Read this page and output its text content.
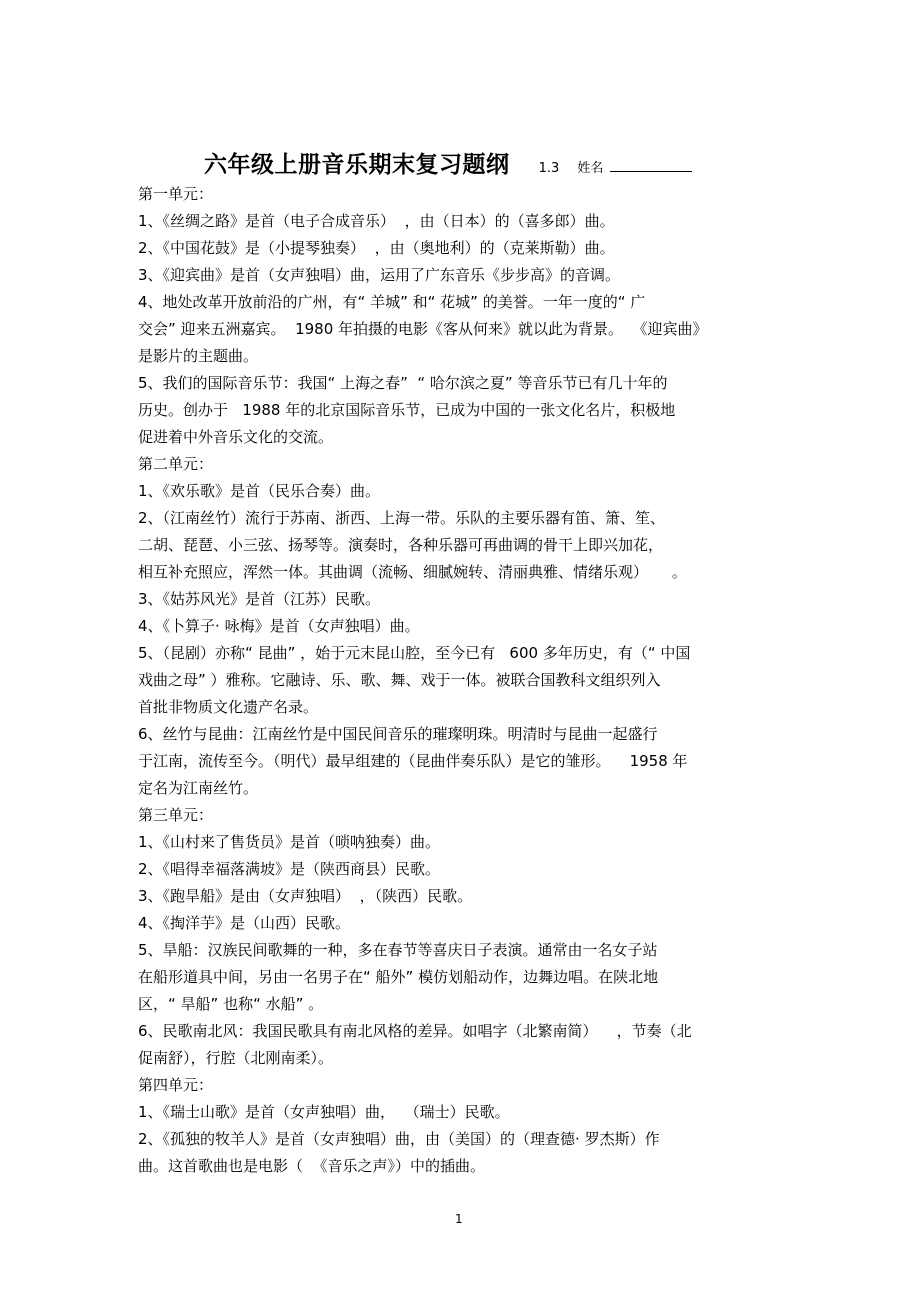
六年级上册音乐期末复习题纲 1.3 姓名
第一单元：
1、《丝绸之路》是首（电子合成音乐）  ，由（日本）的（喜多郎）曲。
2、《中国花鼓》是（小提琴独奏）  ，由（奥地利）的（克莱斯勒）曲。
3、《迎宾曲》是首（女声独唱）曲，运用了广东音乐《步步高》的音调。
4、地处改革开放前沿的广州，有“ 羊城” 和“ 花城” 的美誉。一年一度的“ 广
交会” 迎来五洲嘉宾。  1980 年拍摄的电影《客从何来》就以此为背景。  《迎宾曲》
是影片的主题曲。
5、我们的国际音乐节：我国“ 上海之春”  “ 哈尔滨之夏” 等音乐节已有几十年的
历史。创办于   1988 年的北京国际音乐节，已成为中国的一张文化名片，积极地
促进着中外音乐文化的交流。
第二单元：
1、《欢乐歌》是首（民乐合奏）曲。
2、（江南丝竹）流行于苏南、浙西、上海一带。乐队的主要乐器有笛、箫、笙、
二胡、琵琶、小三弦、扬琴等。演奏时，各种乐器可再曲调的骨干上即兴加花，
相互补充照应，浑然一体。其曲调（流畅、细腻婉转、清丽典雅、情绪乐观）     。
3、《姑苏风光》是首（江苏）民歌。
4、《卜算子· 咏梅》是首（女声独唱）曲。
5、（昆剧）亦称“ 昆曲” ，始于元末昆山腔，至今已有   600 多年历史，有（“ 中国
戏曲之母” ）雅称。它融诗、乐、歌、舞、戏于一体。被联合国教科文组织列入
首批非物质文化遗产名录。
6、丝竹与昆曲：江南丝竹是中国民间音乐的璀璨明珠。明清时与昆曲一起盛行
于江南，流传至今。（明代）最早组建的（昆曲伴奏乐队）是它的雏形。    1958 年
定名为江南丝竹。
第三单元：
1、《山村来了售货员》是首（唢呐独奏）曲。
2、《唱得幸福落满坡》是（陕西商县）民歌。
3、《跑旱船》是由（女声独唱）  ，（陕西）民歌。
4、《掏洋芋》是（山西）民歌。
5、旱船：汉族民间歌舞的一种，多在春节等喜庆日子表演。通常由一名女子站
在船形道具中间，另由一名男子在“ 船外” 模仿划船动作，边舞边唱。在陕北地
区，“ 旱船” 也称“ 水船” 。
6、民歌南北风：我国民歌具有南北风格的差异。如唱字（北繁南简）    ，节奏（北
促南舒），行腔（北刚南柔）。
第四单元：
1、《瑞士山歌》是首（女声独唱）曲，  （瑞士）民歌。
2、《孤独的牧羊人》是首（女声独唱）曲，由（美国）的（理查德· 罗杰斯）作
曲。这首歌曲也是电影（  《音乐之声》）中的插曲。
1
